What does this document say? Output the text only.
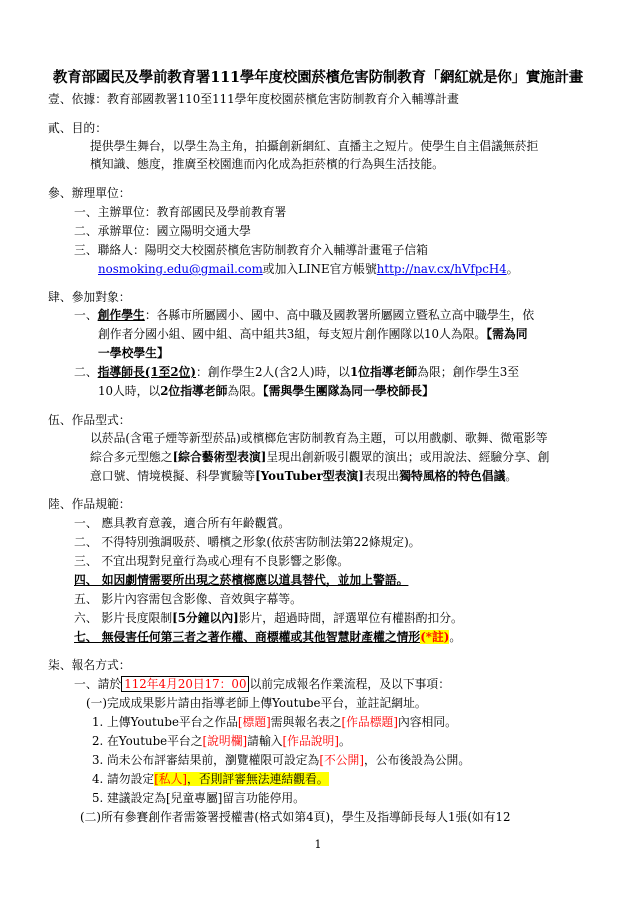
教育部國民及學前教育署111學年度校園菸檳危害防制教育「網紅就是你」實施計畫
壹、依據：教育部國教署110至111學年度校園菸檳危害防制教育介入輔導計畫
貳、目的：
提供學生舞台，以學生為主角，拍攝創新網紅、直播主之短片。使學生自主倡議無菸拒
檳知識、態度，推廣至校園進而內化成為拒菸檳的行為與生活技能。
參、辦理單位：
一、主辦單位：教育部國民及學前教育署
二、承辦單位：國立陽明交通大學
三、聯絡人：陽明交大校園菸檳危害防制教育介入輔導計畫電子信箱
nosmoking.edu@gmail.com或加入LINE官方帳號http://nav.cx/hVfpcH4。
肆、參加對象：
一、創作學生：各縣市所屬國小、國中、高中職及國教署所屬國立暨私立高中職學生，依
創作者分國小組、國中組、高中組共3組，每支短片創作團隊以10人為限。【需為同
一學校學生】
二、指導師長(1至2位)：創作學生2人(含2人)時，以1位指導老師為限；創作學生3至
10人時，以2位指導老師為限。【需與學生團隊為同一學校師長】
伍、作品型式：
以菸品(含電子煙等新型菸品)或檳榔危害防制教育為主題，可以用戲劇、歌舞、微電影等
綜合多元型態之[綜合藝術型表演]呈現出創新吸引觀眾的演出；或用說法、經驗分享、創
意口號、情境模擬、科學實驗等[YouTuber型表演]表現出獨特風格的特色倡議。
陸、作品規範：
一、 應具教育意義，適合所有年齡觀賞。
二、 不得特別強調吸菸、嚼檳之形象(依菸害防制法第22條規定)。
三、 不宜出現對兒童行為或心理有不良影響之影像。
四、 如因劇情需要所出現之菸檳榔應以道具替代，並加上警語。
五、 影片內容需包含影像、音效與字幕等。
六、 影片長度限制[5分鐘以內]影片，超過時間，評選單位有權斟酌扣分。
七、 無侵害任何第三者之著作權、商標權或其他智慧財產權之情形(*註)。
柒、報名方式：
一、請於 112年4月20日17：00 以前完成報名作業流程，及以下事項：
(一)完成成果影片請由指導老師上傳Youtube平台，並註記網址。
1. 上傳Youtube平台之作品[標題]需與報名表之[作品標題]內容相同。
2. 在Youtube平台之[說明欄]請輸入[作品說明]。
3. 尚未公布評審結果前，瀏覽權限可設定為[不公開]，公布後設為公開。
4. 請勿設定[私人]，否則評審無法連結觀看。
5. 建議設定為[兒童專屬]留言功能停用。
(二)所有參賽創作者需簽署授權書(格式如第4頁)，學生及指導師長每人1張(如有12
1
